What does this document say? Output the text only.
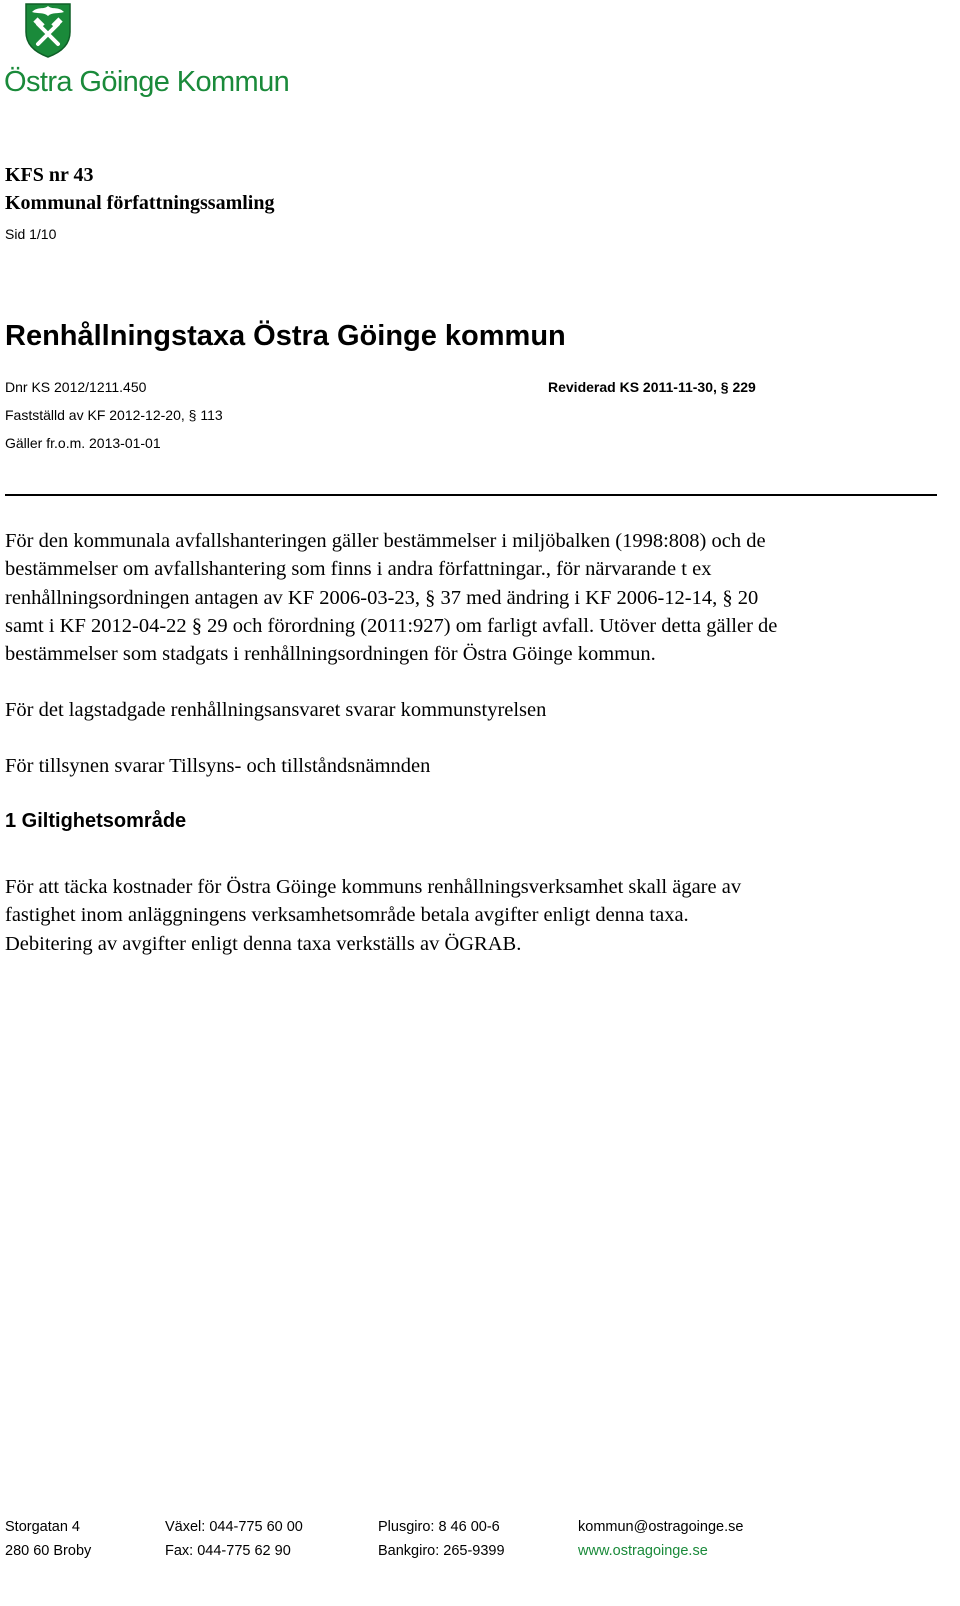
Östra Göinge Kommun
KFS nr 43
Kommunal författningssamling
Sid 1/10
Renhållningstaxa Östra Göinge kommun
Dnr KS 2012/1211.450	Reviderad KS 2011-11-30, § 229
Fastställd av KF 2012-12-20, § 113
Gäller fr.o.m. 2013-01-01
För den kommunala avfallshanteringen gäller bestämmelser i miljöbalken (1998:808) och de
bestämmelser om avfallshantering som finns i andra författningar., för närvarande t ex
renhållningsordningen antagen av KF 2006-03-23, § 37 med ändring i KF 2006-12-14, § 20
samt i KF 2012-04-22 § 29 och förordning (2011:927) om farligt avfall. Utöver detta gäller de
bestämmelser som stadgats i renhållningsordningen för Östra Göinge kommun.
För det lagstadgade renhållningsansvaret svarar kommunstyrelsen
För tillsynen svarar Tillsyns- och tillståndsnämnden
1 Giltighetsområde
För att täcka kostnader för Östra Göinge kommuns renhållningsverksamhet skall ägare av
fastighet inom anläggningens verksamhetsområde betala avgifter enligt denna taxa.
Debitering av avgifter enligt denna taxa verkställs av ÖGRAB.
Storgatan 4
280 60 Broby
Växel: 044-775 60 00
Fax: 044-775 62 90
Plusgiro: 8 46 00-6
Bankgiro: 265-9399
kommun@ostragoinge.se
www.ostragoinge.se
